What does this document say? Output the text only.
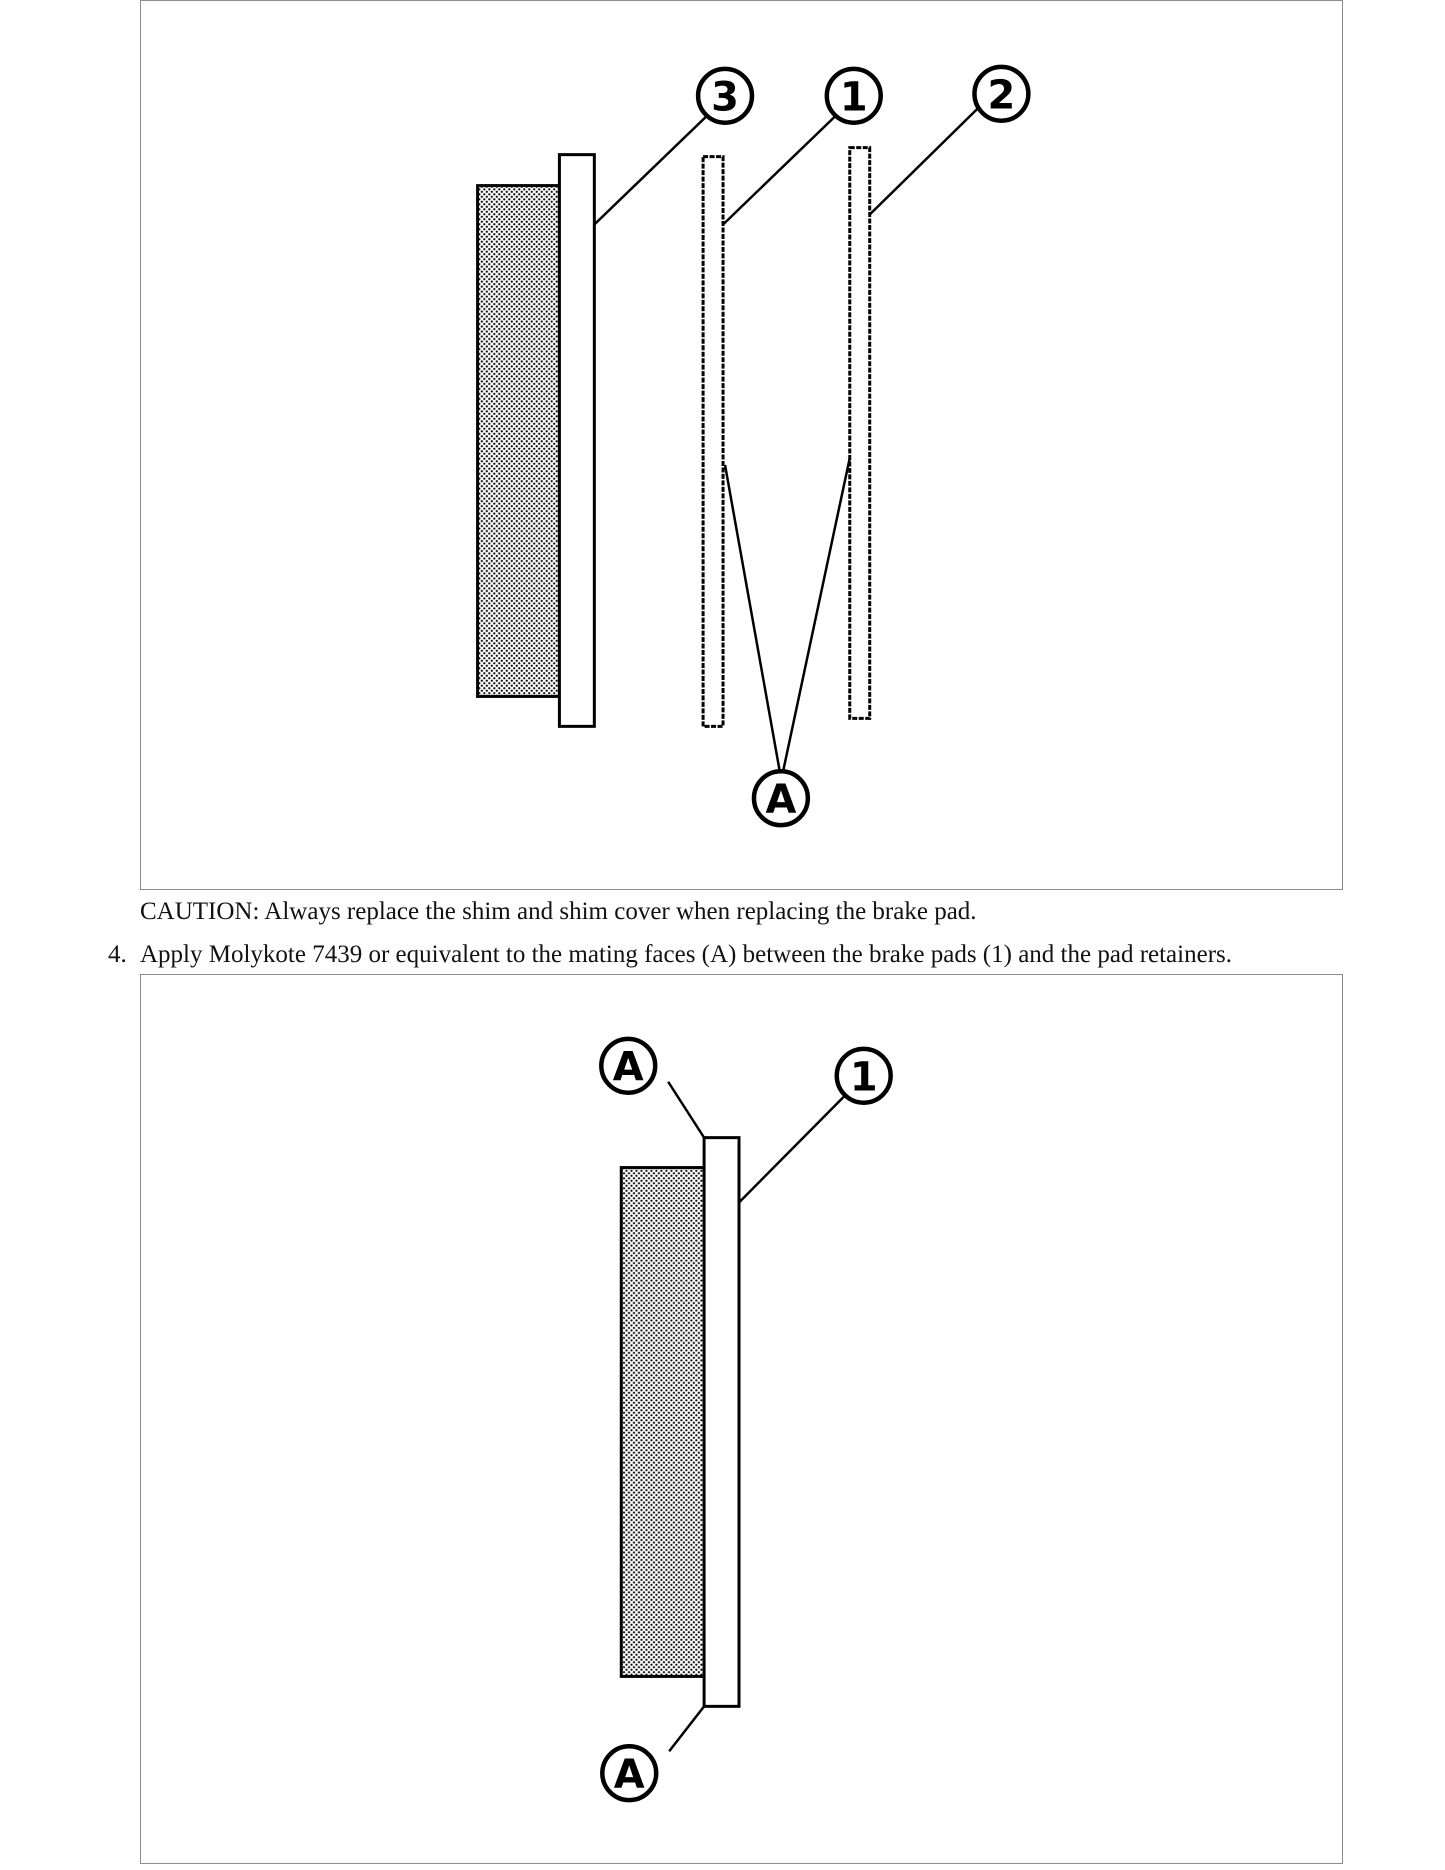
3	1	2
A
CAUTION: Always replace the shim and shim cover when replacing the brake pad.
4. Apply Molykote 7439 or equivalent to the mating faces (A) between the brake pads (1) and the pad retainers.
A	1
A
